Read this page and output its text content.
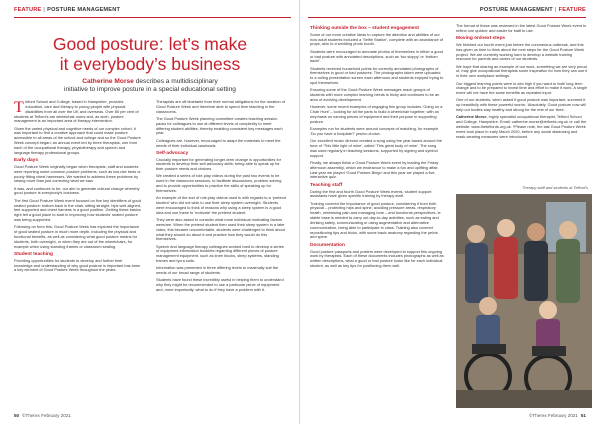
FEATURE | POSTURE MANAGEMENT
Good posture: let’s make
it everybody’s business
Catherine Morse describes a multidisciplinary
initiative to improve posture in a special educational setting

Telford School and College, based in Hampshire, provides education, care and therapy to young people with physical disabilities from all over the UK and overseas. Over 80 per cent of students at Telford’s are wheelchair users and, as such, posture management is an important area of therapy intervention.

Given the varied physical and cognitive needs of our complex cohort, it was important to find a creative approach that could make posture accessible to all areas of the school and college and so the Good Posture Week concept began: an annual event led by three therapists, one from each of the occupational therapy, physiotherapy and speech and language therapy professional groups.

Early days

Good Posture Week originally began when therapists, staff and students were reporting some common posture problems, such as low-rise beds or poorly fitting chest harnesses. We wanted to address these problems by raising more than just correcting what we saw.

It was, and continues to be, our aim to generate cultural change whereby good posture is everybody’s business.

The first Good Posture Week event focused on five key identifiers of good seated posture: bottom back in the chair, sitting straight, hips well aligned, feet supported and chest harness in a good position. Getting these basics right felt a good place to start in improving how students’ seated posture was being supported.

Following on from this, Good Posture Week has explored the importance of good seated posture in much more depth, including the physical and functional benefits, as well as considering what good posture means for students, both overnight, or when they are out of the wheelchairs, for example when using standing frames or classroom seating.

Student teaching

Providing opportunities for students to develop and further their knowledge and understanding of why good posture is important has been a key element of Good Posture Week throughout the years.

Therapists are off-timetable from their normal obligations for the duration of Good Posture Week and therefore able to spend time teaching in the classrooms.

The Good Posture Week planning committee creates teaching session packs for colleagues to use at different levels of complexity to meet differing student abilities, thereby enabling consistent key messages each year.

Colleagues are, however, encouraged to adapt the materials to meet the needs of their individual caseloads.

Self-advocacy

Crucially important for generating longer-term change is opportunities for students to develop their self-advocacy skills; being able to speak up for their posture needs and choices.

We created a series of role-play videos during the past two events to be used in the classroom sessions, to facilitate discussions, problem solving and to provide opportunities to practice the skills of speaking up for themselves.

An example of the sort of role-play videos used is with regards to a ‘pretend student’ who did not wish to use their sleep system overnight. Students were encouraged to think of reasons why using a sleep system is a good idea and use these to ‘motivate’ the pretend student.

They were also asked to consider what more individual motivating factors were/are. When the pretend student then used their sleep system in a later video, this became uncomfortable, students were challenged to think about what they should do about it and practice how they would do this themselves.

Speech and language therapy colleagues worked hard to develop a series of equipment information booklets regarding different pieces of posture management equipment, such as knee blocks, sleep systems, standing frames and lycra suits.

Information was presented in three differing levels to maximally suit the needs of our broad range of students.

Students have found these incredibly useful in helping them to understand why they might be recommended to use a particular piece of equipment and, more importantly, what to do if they have a problem with it.

50 ©Therex February 2021
POSTURE MANAGEMENT | FEATURE
Thinking outside the box – student engagement

Some of our more creative ideas to capture the attention and abilities of our now adult students included a ‘Selfie Station’, complete with an abundance of props, akin to a wedding photo booth.

Students were encouraged to annotate photos of themselves in either a good or bad posture with annotated descriptions, such as ‘too sloppy’ or ‘bottom back!’.

Students received household points for correctly annotated photographs of themselves in good or bad postures. The photographs taken were uploaded to a rolling presentation screen each afternoon and students enjoyed trying to spot themselves.

Ensuring some of the Good Posture Week messages reach groups of students with more complex learning needs is tricky and continues to be an area of evolving development.

However, some recent examples of engaging this group includes ‘Going on a Chair Hunt’ – looking for all the parts to build a wheelchair together, with an emphasis on naming pieces of equipment and their purpose in supporting posture.

Examples run for students were around concepts of matching, for example ‘Do you have a footplate?’ yes/no choice.

Our excellent music director created a song using the year based around the tune of ‘This little light of mine’, called ‘This great body of mine’. The song was used regularly in teaching sessions, supported by signing and symbol support.

Finally, we always finish a Good Posture Week event by leading the Friday afternoon assembly, which we endeavour to make a fun and uplifting affair. Last year we played ‘Good Posture Bingo’ and this year we played a live, interactive quiz.

Teaching staff

During the first and fourth Good Posture Week events, student support assistants have given specific training by therapy staff.

Training covered the importance of good posture, considering it from both physical – protecting hips and spine, avoiding pressure areas, respiratory health, minimising pain and managing tone – and functional perspectives, ie stable base is needed to carry out day-to-day activities, such as eating and drinking safely, communicating or using augmentative and alternative communication, being able to participate in class. Training also covered repositioning tips and tricks, with some basic anatomy regarding the pelvis and spine.

Documentation

Good posture passports and posters were developed to support this ongoing work by therapists. Each of these documents includes photographs as well as written descriptions, what a good or bad posture looks like for each individual student, as well as key tips for positioning them well.

The format of these was reviewed in the latest Good Posture Week event to reflect one quicker and easier for staff to use.

Moving on/next steps

We finished our fourth event just before the coronavirus outbreak, and this has given us time to think about the next steps for the Good Posture Week project. We are currently working hard to develop a website training resource for parents and carers of our students.

We hope that sharing an example of our work, something we are very proud of, may give occupational therapists some inspiration for how they can use it in their own workplace settings.

Our biggest learning points were to aim high if you want to instil long-term change and to be prepared to invest time and effort to make it work. A single event will not have the same benefits as repeated input.

One of our students, when asked if good posture was important, summed it up beautifully with these powerful words: ‘Absolutely. Good posture now will help our bodies stay healthy and strong for the rest of our lives’.

Catherine Morse, highly specialist occupational therapist, Telford School and College, Hampshire. Email: catherine.morse@telfords.org.uk or call the website: www.thetelfords.org.uk. *Please note, the last Good Posture Week event took place in early March 2020, before any social distancing and mask-wearing measures were introduced

Therapy staff and students at Telford’s
©Therex February 2021 51
